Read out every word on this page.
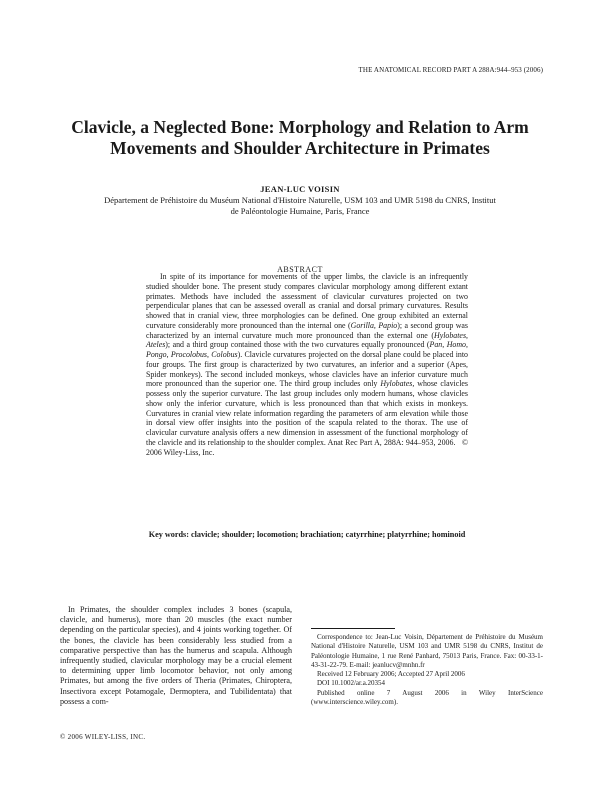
THE ANATOMICAL RECORD PART A 288A:944–953 (2006)
Clavicle, a Neglected Bone: Morphology and Relation to Arm Movements and Shoulder Architecture in Primates
JEAN-LUC VOISIN
Département de Préhistoire du Muséum National d'Histoire Naturelle, USM 103 and UMR 5198 du CNRS, Institut de Paléontologie Humaine, Paris, France
ABSTRACT

In spite of its importance for movements of the upper limbs, the clavicle is an infrequently studied shoulder bone. The present study compares clavicular morphology among different extant primates. Methods have included the assessment of clavicular curvatures projected on two perpendicular planes that can be assessed overall as cranial and dorsal primary curvatures. Results showed that in cranial view, three morphologies can be defined. One group exhibited an external curvature considerably more pronounced than the internal one (Gorilla, Papio); a second group was characterized by an internal curvature much more pronounced than the external one (Hylobates, Ateles); and a third group contained those with the two curvatures equally pronounced (Pan, Homo, Pongo, Procolobus, Colobus). Clavicle curvatures projected on the dorsal plane could be placed into four groups. The first group is characterized by two curvatures, an inferior and a superior (Apes, Spider monkeys). The second included monkeys, whose clavicles have an inferior curvature much more pronounced than the superior one. The third group includes only Hylobates, whose clavicles possess only the superior curvature. The last group includes only modern humans, whose clavicles show only the inferior curvature, which is less pronounced than that which exists in monkeys. Curvatures in cranial view relate information regarding the parameters of arm elevation while those in dorsal view offer insights into the position of the scapula related to the thorax. The use of clavicular curvature analysis offers a new dimension in assessment of the functional morphology of the clavicle and its relationship to the shoulder complex. Anat Rec Part A, 288A: 944–953, 2006. © 2006 Wiley-Liss, Inc.

Key words: clavicle; shoulder; locomotion; brachiation; catyrrhine; platyrrhine; hominoid

In Primates, the shoulder complex includes 3 bones (scapula, clavicle, and humerus), more than 20 muscles (the exact number depending on the particular species), and 4 joints working together. Of the bones, the clavicle has been considerably less studied from a comparative perspective than has the humerus and scapula. Although infrequently studied, clavicular morphology may be a crucial element to determining upper limb locomotor behavior, not only among Primates, but among the five orders of Theria (Primates, Chiroptera, Insectivora except Potamogale, Dermoptera, and Tubilidentata) that possess a com-

Correspondence to: Jean-Luc Voisin, Département de Préhistoire du Muséum National d'Histoire Naturelle, USM 103 and UMR 5198 du CNRS, Institut de Paléontologie Humaine, 1 rue René Panhard, 75013 Paris, France. Fax: 00-33-1-43-31-22-79. E-mail: jeanlucv@mnhn.fr

Received 12 February 2006; Accepted 27 April 2006

DOI 10.1002/ar.a.20354

Published online 7 August 2006 in Wiley InterScience (www.interscience.wiley.com).

© 2006 WILEY-LISS, INC.
